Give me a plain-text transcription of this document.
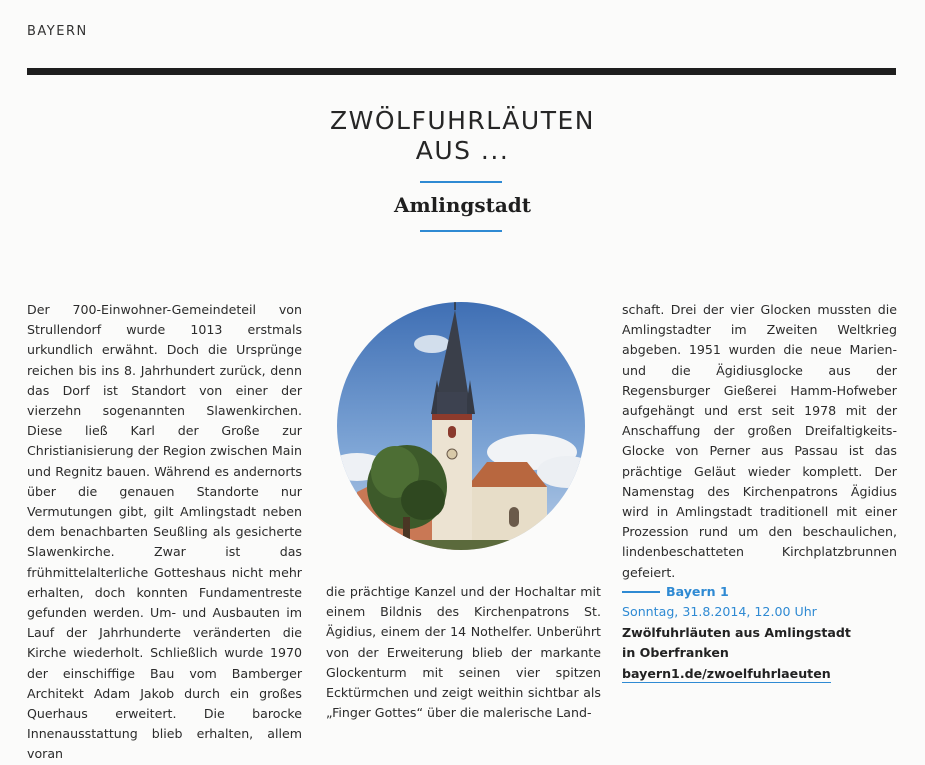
BAYERN
ZWÖLFUHRLÄUTEN
AUS ...
Amlingstadt

Der 700-Einwohner-Gemeindeteil von Strullendorf wurde 1013 erstmals urkundlich erwähnt. Doch die Ursprünge reichen bis ins 8. Jahrhundert zurück, denn das Dorf ist Standort von einer der vierzehn sogenannten Slawenkirchen. Diese ließ Karl der Große zur Christianisierung der Region zwischen Main und Regnitz bauen. Während es andernorts über die genauen Standorte nur Vermutungen gibt, gilt Amlingstadt neben dem benachbarten Seußling als gesicherte Slawenkirche. Zwar ist das frühmittelalterliche Gotteshaus nicht mehr erhalten, doch konnten Fundamentreste gefunden werden. Um- und Ausbauten im Lauf der Jahrhunderte veränderten die Kirche wiederholt. Schließlich wurde 1970 der einschiffige Bau vom Bamberger Architekt Adam Jakob durch ein großes Querhaus erweitert. Die barocke Innenausstattung blieb erhalten, allem voran

die prächtige Kanzel und der Hochaltar mit einem Bildnis des Kirchenpatrons St. Ägidius, einem der 14 Nothelfer. Unberührt von der Erweiterung blieb der markante Glockenturm mit seinen vier spitzen Ecktürmchen und zeigt weithin sichtbar als „Finger Gottes“ über die malerische Land-

schaft. Drei der vier Glocken mussten die Amlingstadter im Zweiten Weltkrieg abgeben. 1951 wurden die neue Marien- und die Ägidiusglocke aus der Regensburger Gießerei Hamm-Hofweber aufgehängt und erst seit 1978 mit der Anschaffung der großen Dreifaltigkeits-Glocke von Perner aus Passau ist das prächtige Geläut wieder komplett. Der Namenstag des Kirchenpatrons Ägidius wird in Amlingstadt traditionell mit einer Prozession rund um den beschaulichen, lindenbeschatteten Kirchplatzbrunnen gefeiert.

Bayern 1
Sonntag, 31.8.2014, 12.00 Uhr
Zwölfuhrläuten aus Amlingstadt
in Oberfranken
bayern1.de/zwoelfuhrlaeuten
